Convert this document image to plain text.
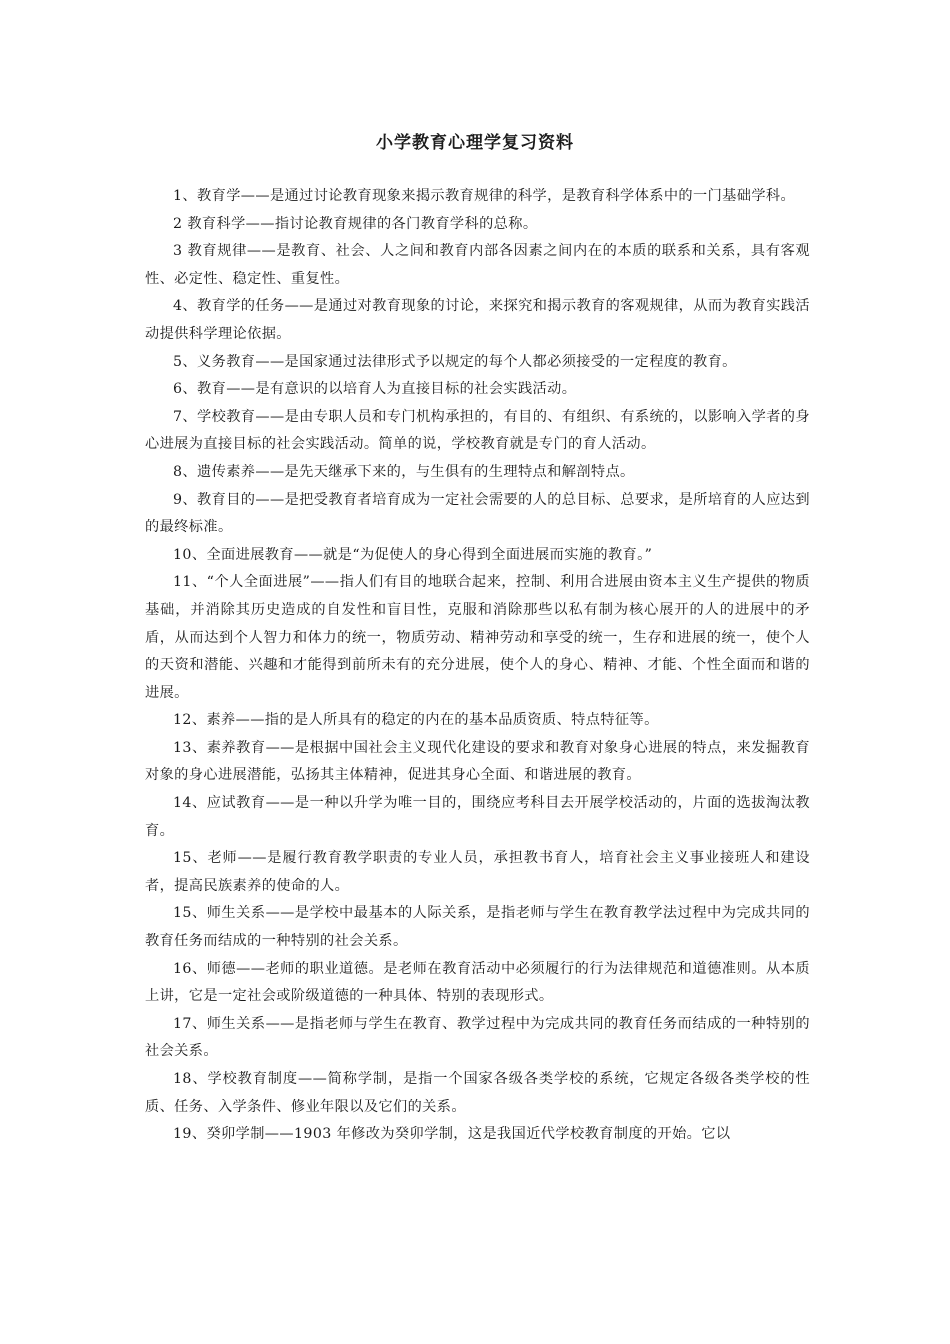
小学教育心理学复习资料

1、教育学——是通过讨论教育现象来揭示教育规律的科学，是教育科学体系中的一门基础学科。

2 教育科学——指讨论教育规律的各门教育学科的总称。

3 教育规律——是教育、社会、人之间和教育内部各因素之间内在的本质的联系和关系，具有客观性、必定性、稳定性、重复性。

4、教育学的任务——是通过对教育现象的讨论，来探究和揭示教育的客观规律，从而为教育实践活动提供科学理论依据。

5、义务教育——是国家通过法律形式予以规定的每个人都必须接受的一定程度的教育。

6、教育——是有意识的以培育人为直接目标的社会实践活动。

7、学校教育——是由专职人员和专门机构承担的，有目的、有组织、有系统的，以影响入学者的身心进展为直接目标的社会实践活动。简单的说，学校教育就是专门的育人活动。

8、遗传素养——是先天继承下来的，与生俱有的生理特点和解剖特点。

9、教育目的——是把受教育者培育成为一定社会需要的人的总目标、总要求，是所培育的人应达到的最终标准。

10、全面进展教育——就是“为促使人的身心得到全面进展而实施的教育。”

11、“个人全面进展”——指人们有目的地联合起来，控制、利用合进展由资本主义生产提供的物质基础，并消除其历史造成的自发性和盲目性，克服和消除那些以私有制为核心展开的人的进展中的矛盾，从而达到个人智力和体力的统一，物质劳动、精神劳动和享受的统一，生存和进展的统一，使个人的天资和潜能、兴趣和才能得到前所未有的充分进展，使个人的身心、精神、才能、个性全面而和谐的进展。

12、素养——指的是人所具有的稳定的内在的基本品质资质、特点特征等。

13、素养教育——是根据中国社会主义现代化建设的要求和教育对象身心进展的特点，来发掘教育对象的身心进展潜能，弘扬其主体精神，促进其身心全面、和谐进展的教育。

14、应试教育——是一种以升学为唯一目的，围绕应考科目去开展学校活动的，片面的选拔淘汰教育。

15、老师——是履行教育教学职责的专业人员，承担教书育人，培育社会主义事业接班人和建设者，提高民族素养的使命的人。

15、师生关系——是学校中最基本的人际关系，是指老师与学生在教育教学法过程中为完成共同的教育任务而结成的一种特别的社会关系。

16、师德——老师的职业道德。是老师在教育活动中必须履行的行为法律规范和道德准则。从本质上讲，它是一定社会或阶级道德的一种具体、特别的表现形式。

17、师生关系——是指老师与学生在教育、教学过程中为完成共同的教育任务而结成的一种特别的社会关系。

18、学校教育制度——简称学制，是指一个国家各级各类学校的系统，它规定各级各类学校的性质、任务、入学条件、修业年限以及它们的关系。

19、癸卯学制——1903 年修改为癸卯学制，这是我国近代学校教育制度的开始。它以
